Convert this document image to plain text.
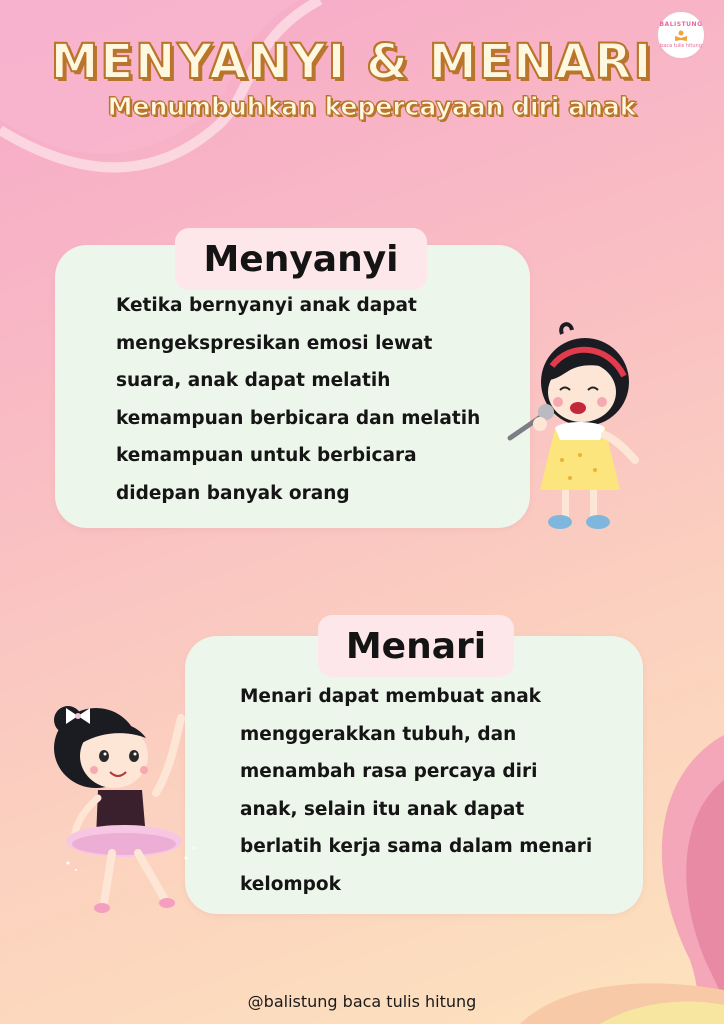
BALISTUNG
baca tulis hitung
MENYANYI & MENARI
Menumbuhkan kepercayaan diri anak
Menyanyi
Ketika bernyanyi anak dapat
mengekspresikan emosi lewat
suara, anak dapat melatih
kemampuan berbicara dan melatih
kemampuan untuk berbicara
didepan banyak orang
Menari
Menari dapat membuat anak
menggerakkan tubuh, dan
menambah rasa percaya diri
anak, selain itu anak dapat
berlatih kerja sama dalam menari
kelompok
@balistung baca tulis hitung
